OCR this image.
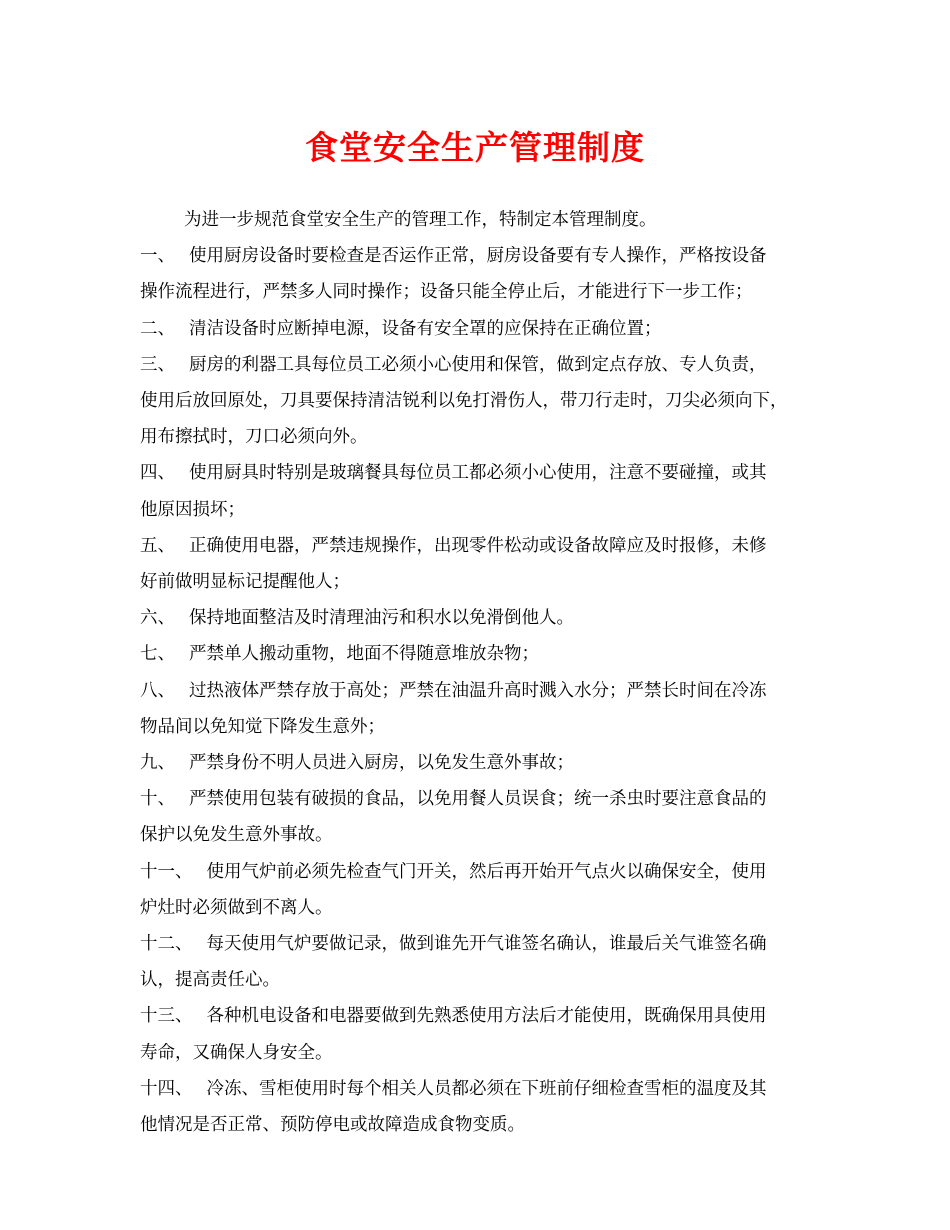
食堂安全生产管理制度
为进一步规范食堂安全生产的管理工作，特制定本管理制度。
一、 使用厨房设备时要检查是否运作正常，厨房设备要有专人操作，严格按设备
操作流程进行，严禁多人同时操作；设备只能全停止后，才能进行下一步工作；
二、 清洁设备时应断掉电源，设备有安全罩的应保持在正确位置；
三、 厨房的利器工具每位员工必须小心使用和保管，做到定点存放、专人负责，
使用后放回原处，刀具要保持清洁锐利以免打滑伤人，带刀行走时，刀尖必须向下，
用布擦拭时，刀口必须向外。
四、 使用厨具时特别是玻璃餐具每位员工都必须小心使用，注意不要碰撞，或其
他原因损坏；
五、 正确使用电器，严禁违规操作，出现零件松动或设备故障应及时报修，未修
好前做明显标记提醒他人；
六、 保持地面整洁及时清理油污和积水以免滑倒他人。
七、 严禁单人搬动重物，地面不得随意堆放杂物；
八、 过热液体严禁存放于高处；严禁在油温升高时溅入水分；严禁长时间在冷冻
物品间以免知觉下降发生意外；
九、 严禁身份不明人员进入厨房，以免发生意外事故；
十、 严禁使用包装有破损的食品，以免用餐人员误食；统一杀虫时要注意食品的
保护以免发生意外事故。
十一、 使用气炉前必须先检查气门开关，然后再开始开气点火以确保安全，使用
炉灶时必须做到不离人。
十二、 每天使用气炉要做记录，做到谁先开气谁签名确认，谁最后关气谁签名确
认，提高责任心。
十三、 各种机电设备和电器要做到先熟悉使用方法后才能使用，既确保用具使用
寿命，又确保人身安全。
十四、 冷冻、雪柜使用时每个相关人员都必须在下班前仔细检查雪柜的温度及其
他情况是否正常、预防停电或故障造成食物变质。
